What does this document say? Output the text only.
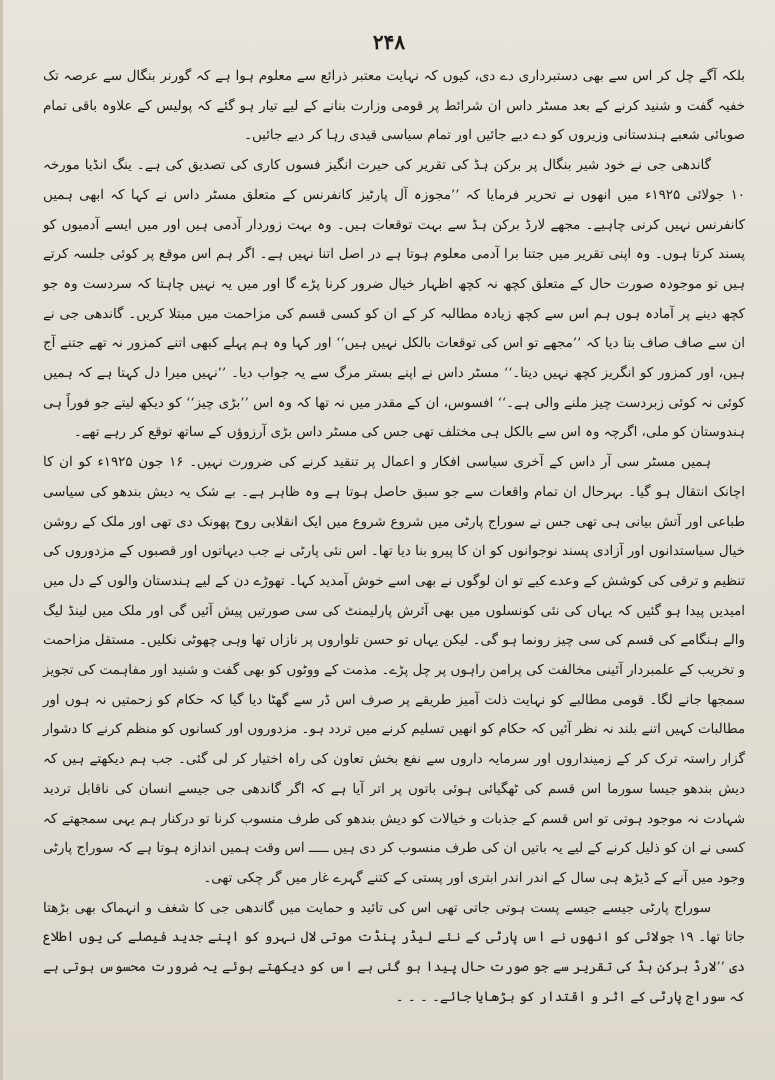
۲۴۸

بلکہ آگے چل کر اس سے بھی دستبرداری دے دی، کیوں کہ نہایت معتبر ذرائع سے معلوم ہوا ہے کہ گورنر بنگال سے عرصہ تک خفیہ گفت و شنید کرنے کے بعد مسٹر داس ان شرائط پر قومی وزارت بنانے کے لیے تیار ہو گئے کہ پولیس کے علاوہ باقی تمام صوبائی شعبے ہندستانی وزیروں کو دے دیے جائیں اور تمام سیاسی قیدی رہا کر دیے جائیں۔

گاندھی جی نے خود شیر بنگال پر برکن ہڈ کی تقریر کی حیرت انگیز فسوں کاری کی تصدیق کی ہے۔ ینگ انڈیا مورخہ ۱۰ جولائی ۱۹۲۵ء میں انھوں نے تحریر فرمایا کہ ’’مجوزہ آل پارٹیز کانفرنس کے متعلق مسٹر داس نے کہا کہ ابھی ہمیں کانفرنس نہیں کرنی چاہیے۔ مجھے لارڈ برکن ہڈ سے بہت توقعات ہیں۔ وہ بہت زوردار آدمی ہیں اور میں ایسے آدمیوں کو پسند کرتا ہوں۔ وہ اپنی تقریر میں جتنا برا آدمی معلوم ہوتا ہے در اصل اتنا نہیں ہے۔ اگر ہم اس موقع پر کوئی جلسہ کرتے ہیں تو موجودہ صورت حال کے متعلق کچھ نہ کچھ اظہار خیال ضرور کرنا پڑے گا اور میں یہ نہیں چاہتا کہ سردست وہ جو کچھ دینے پر آمادہ ہوں ہم اس سے کچھ زیادہ مطالبہ کر کے ان کو کسی قسم کی مزاحمت میں مبتلا کریں۔ گاندھی جی نے ان سے صاف صاف بتا دیا کہ ’’مجھے تو اس کی توقعات بالکل نہیں ہیں‘‘ اور کہا وہ ہم پہلے کبھی اتنے کمزور نہ تھے جتنے آج ہیں، اور کمزور کو انگریز کچھ نہیں دیتا۔‘‘ مسٹر داس نے اپنے بستر مرگ سے یہ جواب دیا۔ ’’نہیں میرا دل کہتا ہے کہ ہمیں کوئی نہ کوئی زبردست چیز ملنے والی ہے۔‘‘ افسوس، ان کے مقدر میں نہ تھا کہ وہ اس ’’بڑی چیز‘‘ کو دیکھ لیتے جو فوراً ہی ہندوستان کو ملی، اگرچہ وہ اس سے بالکل ہی مختلف تھی جس کی مسٹر داس بڑی آرزوؤں کے ساتھ توقع کر رہے تھے۔

ہمیں مسٹر سی آر داس کے آخری سیاسی افکار و اعمال پر تنقید کرنے کی ضرورت نہیں۔ ۱۶ جون ۱۹۲۵ء کو ان کا اچانک انتقال ہو گیا۔ بہرحال ان تمام واقعات سے جو سبق حاصل ہوتا ہے وہ ظاہر ہے۔ بے شک یہ دیش بندھو کی سیاسی طباعی اور آتش بیانی ہی تھی جس نے سوراج پارٹی میں شروع شروع میں ایک انقلابی روح پھونک دی تھی اور ملک کے روشن خیال سیاستدانوں اور آزادی پسند نوجوانوں کو ان کا پیرو بنا دیا تھا۔ اس نئی پارٹی نے جب دیہاتوں اور قصبوں کے مزدوروں کی تنظیم و ترقی کی کوشش کے وعدے کیے تو ان لوگوں نے بھی اسے خوش آمدید کہا۔ تھوڑے دن کے لیے ہندستان والوں کے دل میں امیدیں پیدا ہو گئیں کہ یہاں کی نئی کونسلوں میں بھی آئرش پارلیمنٹ کی سی صورتیں پیش آئیں گی اور ملک میں لینڈ لیگ والے ہنگامے کی قسم کی سی چیز رونما ہو گی۔ لیکن یہاں تو حسن تلواروں پر نازاں تھا وہی چھوٹی نکلیں۔ مستقل مزاحمت و تخریب کے علمبردار آئینی مخالفت کی پرامن راہوں پر چل پڑے۔ مذمت کے ووٹوں کو بھی گفت و شنید اور مفاہمت کی تجویز سمجھا جانے لگا۔ قومی مطالبے کو نہایت ذلت آمیز طریقے پر صرف اس ڈر سے گھٹا دیا گیا کہ حکام کو زحمتیں نہ ہوں اور مطالبات کہیں اتنے بلند نہ نظر آئیں کہ حکام کو انھیں تسلیم کرنے میں تردد ہو۔ مزدوروں اور کسانوں کو منظم کرنے کا دشوار گزار راستہ ترک کر کے زمینداروں اور سرمایہ داروں سے نفع بخش تعاون کی راہ اختیار کر لی گئی۔ جب ہم دیکھتے ہیں کہ دیش بندھو جیسا سورما اس قسم کی ٹھگیائی ہوئی باتوں پر اتر آیا ہے کہ اگر گاندھی جی جیسے انسان کی ناقابل تردید شہادت نہ موجود ہوتی تو اس قسم کے جذبات و خیالات کو دیش بندھو کی طرف منسوب کرنا تو درکنار ہم یہی سمجھتے کہ کسی نے ان کو ذلیل کرنے کے لیے یہ باتیں ان کی طرف منسوب کر دی ہیں ـــــ اس وقت ہمیں اندازہ ہوتا ہے کہ سوراج پارٹی وجود میں آنے کے ڈیڑھ ہی سال کے اندر اندر ابتری اور پستی کے کتنے گہرے غار میں گر چکی تھی۔

سوراج پارٹی جیسے جیسے پست ہوتی جاتی تھی اس کی تائید و حمایت میں گاندھی جی کا شغف و انہماک بھی بڑھتا جاتا تھا۔ ۱۹ جولائی کو انھوں نے اس پارٹی کے نئے لیڈر پنڈت موتی لال نہرو کو اپنے جدید فیصلے کی یوں اطلاع دی ’’لارڈ برکن ہڈ کی تقریر سے جو صورت حال پیدا ہو گئی ہے اس کو دیکھتے ہوئے یہ ضرورت محسوس ہوتی ہے کہ سوراج پارٹی کے اثر و اقتدار کو بڑھایا جائے۔ ۔ ۔ ۔
